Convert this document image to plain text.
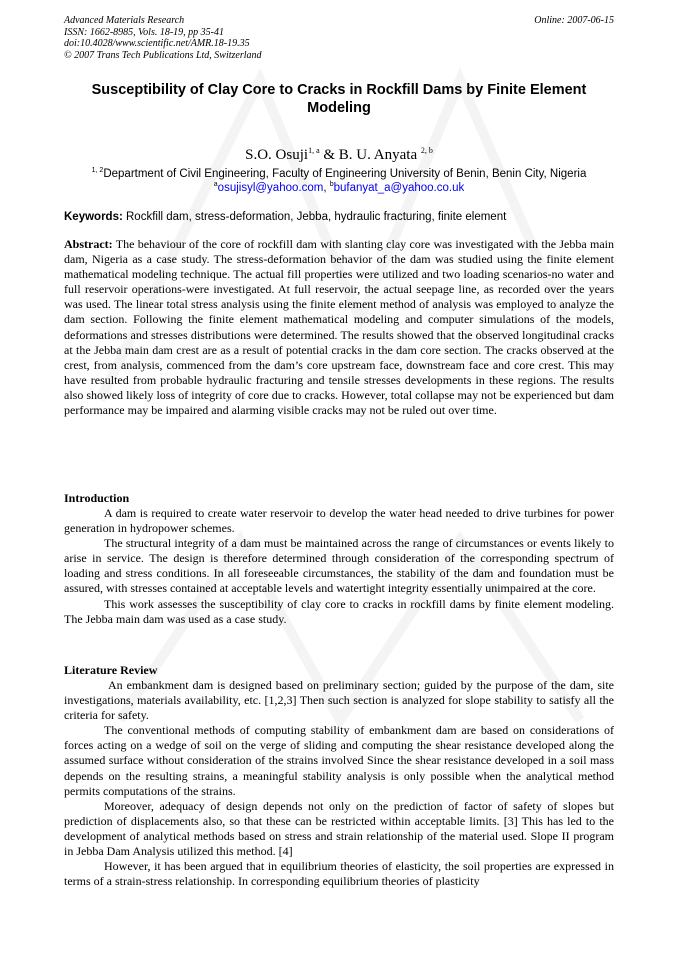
Advanced Materials Research
ISSN: 1662-8985, Vols. 18-19, pp 35-41
doi:10.4028/www.scientific.net/AMR.18-19.35
© 2007 Trans Tech Publications Ltd, Switzerland
Online: 2007-06-15
Susceptibility of Clay Core to Cracks in Rockfill Dams by Finite Element Modeling
S.O. Osuji$^{1, a}$ & B. U. Anyata $^{2, b}$
$^{1, 2}$Department of Civil Engineering, Faculty of Engineering University of Benin, Benin City, Nigeria
$^a$osujisyl@yahoo.com, $^b$bufanyat_a@yahoo.co.uk
Keywords: Rockfill dam, stress-deformation, Jebba, hydraulic fracturing, finite element
Abstract: The behaviour of the core of rockfill dam with slanting clay core was investigated with the Jebba main dam, Nigeria as a case study. The stress-deformation behavior of the dam was studied using the finite element mathematical modeling technique. The actual fill properties were utilized and two loading scenarios-no water and full reservoir operations-were investigated. At full reservoir, the actual seepage line, as recorded over the years was used. The linear total stress analysis using the finite element method of analysis was employed to analyze the dam section. Following the finite element mathematical modeling and computer simulations of the models, deformations and stresses distributions were determined. The results showed that the observed longitudinal cracks at the Jebba main dam crest are as a result of potential cracks in the dam core section. The cracks observed at the crest, from analysis, commenced from the dam’s core upstream face, downstream face and core crest. This may have resulted from probable hydraulic fracturing and tensile stresses developments in these regions. The results also showed likely loss of integrity of core due to cracks. However, total collapse may not be experienced but dam performance may be impaired and alarming visible cracks may not be ruled out over time.

Introduction

A dam is required to create water reservoir to develop the water head needed to drive turbines for power generation in hydropower schemes.

The structural integrity of a dam must be maintained across the range of circumstances or events likely to arise in service. The design is therefore determined through consideration of the corresponding spectrum of loading and stress conditions. In all foreseeable circumstances, the stability of the dam and foundation must be assured, with stresses contained at acceptable levels and watertight integrity essentially unimpaired at the core.

This work assesses the susceptibility of clay core to cracks in rockfill dams by finite element modeling. The Jebba main dam was used as a case study.

Literature Review

An embankment dam is designed based on preliminary section; guided by the purpose of the dam, site investigations, materials availability, etc. [1,2,3] Then such section is analyzed for slope stability to satisfy all the criteria for safety.

The conventional methods of computing stability of embankment dam are based on considerations of forces acting on a wedge of soil on the verge of sliding and computing the shear resistance developed along the assumed surface without consideration of the strains involved Since the shear resistance developed in a soil mass depends on the resulting strains, a meaningful stability analysis is only possible when the analytical method permits computations of the strains.

Moreover, adequacy of design depends not only on the prediction of factor of safety of slopes but prediction of displacements also, so that these can be restricted within acceptable limits. [3] This has led to the development of analytical methods based on stress and strain relationship of the material used. Slope II program in Jebba Dam Analysis utilized this method. [4]

However, it has been argued that in equilibrium theories of elasticity, the soil properties are expressed in terms of a strain-stress relationship. In corresponding equilibrium theories of plasticity
